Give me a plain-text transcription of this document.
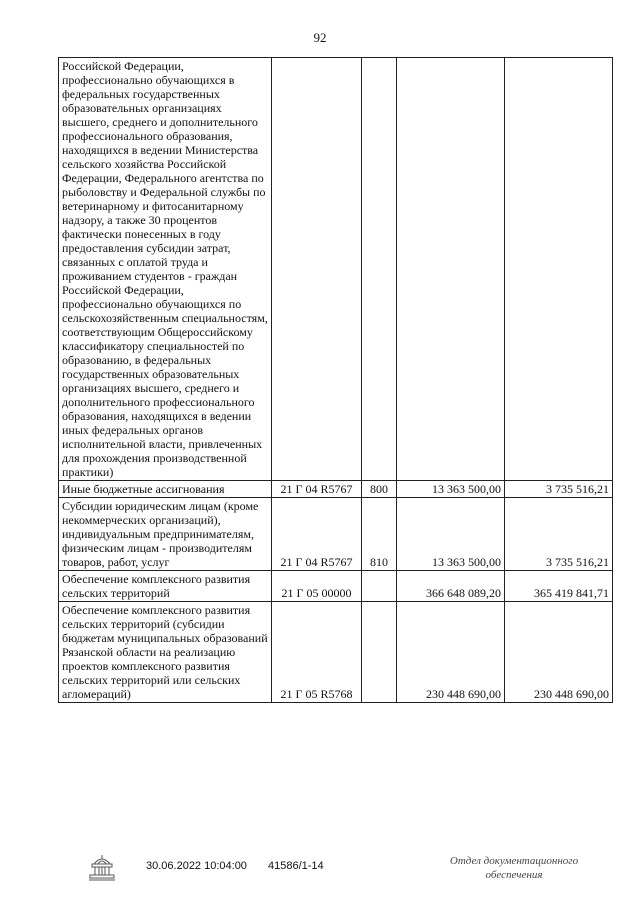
92
Российской Федерации, профессионально обучающихся в федеральных государственных образовательных организациях высшего, среднего и дополнительного профессионального образования, находящихся в ведении Министерства сельского хозяйства Российской Федерации, Федерального агентства по рыболовству и Федеральной службы по ветеринарному и фитосанитарному надзору, а также 30 процентов фактически понесенных в году предоставления субсидии затрат, связанных с оплатой труда и проживанием студентов - граждан Российской Федерации, профессионально обучающихся по сельскохозяйственным специальностям, соответствующим Общероссийскому классификатору специальностей по образованию, в федеральных государственных образовательных организациях высшего, среднего и дополнительного профессионального образования, находящихся в ведении иных федеральных органов исполнительной власти, привлеченных для прохождения производственной практики)				
Иные бюджетные ассигнования	21 Г 04 R5767	800	13 363 500,00	3 735 516,21
Субсидии юридическим лицам (кроме некоммерческих организаций), индивидуальным предпринимателям, физическим лицам - производителям товаров, работ, услуг	21 Г 04 R5767	810	13 363 500,00	3 735 516,21
Обеспечение комплексного развития сельских территорий	21 Г 05 00000		366 648 089,20	365 419 841,71
Обеспечение комплексного развития сельских территорий (субсидии бюджетам муниципальных образований Рязанской области на реализацию проектов комплексного развития сельских территорий или сельских агломераций)	21 Г 05 R5768		230 448 690,00	230 448 690,00
30.06.2022 10:04:00 41586/1-14	Отдел документационного
обеспечения
